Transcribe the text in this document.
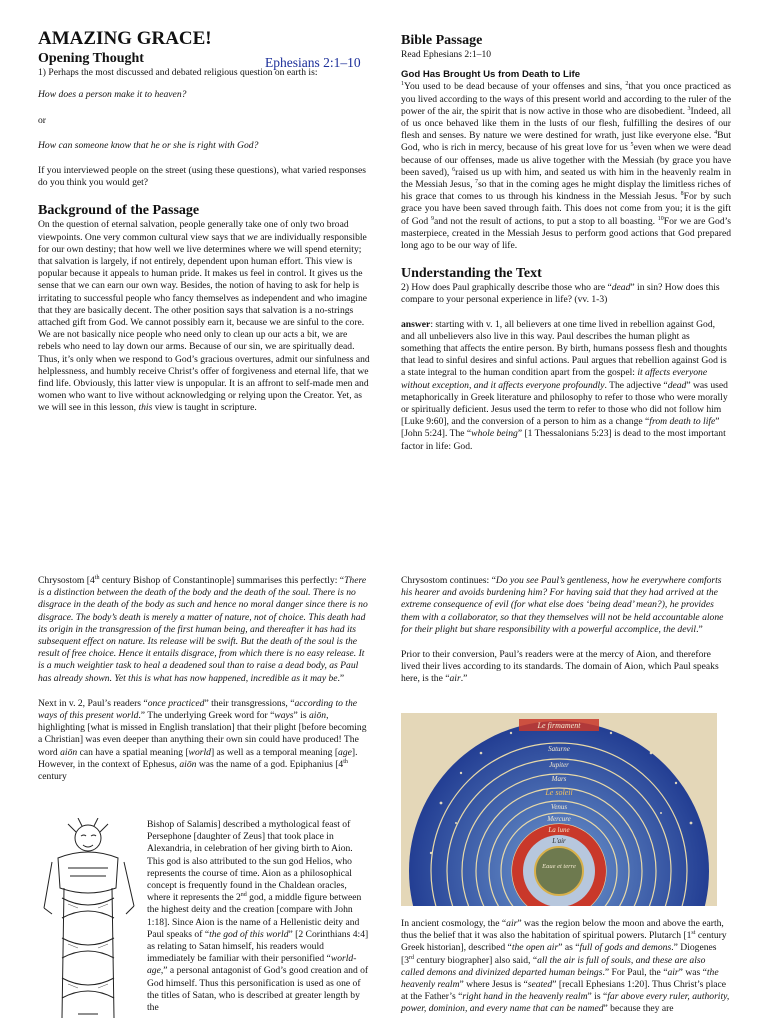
AMAZING GRACE!
Opening Thought

1) Perhaps the most discussed and debated religious question on earth is:

How does a person make it to heaven?

or

How can someone know that he or she is right with God?

If you interviewed people on the street (using these questions), what varied responses do you think you would get?

Background of the Passage

On the question of eternal salvation, people generally take one of only two broad viewpoints. One very common cultural view says that we are individually responsible for our own destiny; that how well we live determines where we will spend eternity; that salvation is largely, if not entirely, dependent upon human effort. This view is popular because it appeals to human pride. It makes us feel in control. It gives us the sense that we can earn our own way. Besides, the notion of having to ask for help is irritating to successful people who fancy themselves as independent and who imagine that they are basically decent. The other position says that salvation is a no-strings attached gift from God. We cannot possibly earn it, because we are sinful to the core. We are not basically nice people who need only to clean up our acts a bit, we are rebels who need to lay down our arms. Because of our sin, we are spiritually dead. Thus, it’s only when we respond to God’s gracious overtures, admit our sinfulness and helplessness, and humbly receive Christ’s offer of forgiveness and eternal life, that we find life. Obviously, this latter view is unpopular. It is an affront to self-made men and women who want to live without acknowledging or relying upon the Creator. Yet, as we will see in this lesson, this view is taught in scripture.

Ephesians 2:1–10
Bible Passage

Read Ephesians 2:1–10

God Has Brought Us from Death to Life

$^1$You used to be dead because of your offenses and sins, $^2$that you once practiced as you lived according to the ways of this present world and according to the ruler of the power of the air, the spirit that is now active in those who are disobedient. $^3$Indeed, all of us once behaved like them in the lusts of our flesh, fulfilling the desires of our flesh and senses. By nature we were destined for wrath, just like everyone else. $^4$But God, who is rich in mercy, because of his great love for us $^5$even when we were dead because of our offenses, made us alive together with the Messiah (by grace you have been saved), $^6$raised us up with him, and seated us with him in the heavenly realm in the Messiah Jesus, $^7$so that in the coming ages he might display the limitless riches of his grace that comes to us through his kindness in the Messiah Jesus. $^8$For by such grace you have been saved through faith. This does not come from you; it is the gift of God $^9$and not the result of actions, to put a stop to all boasting. $^{10}$For we are God’s masterpiece, created in the Messiah Jesus to perform good actions that God prepared long ago to be our way of life.

Understanding the Text

2) How does Paul graphically describe those who are “dead” in sin? How does this compare to your personal experience in life? (vv. 1-3)

answer: starting with v. 1, all believers at one time lived in rebellion against God, and all unbelievers also live in this way. Paul describes the human plight as something that affects the entire person. By birth, humans possess flesh and thoughts that lead to sinful desires and sinful actions. Paul argues that rebellion against God is a state integral to the human condition apart from the gospel: it affects everyone without exception, and it affects everyone profoundly. The adjective “dead” was used metaphorically in Greek literature and philosophy to refer to those who were morally or spiritually deficient. Jesus used the term to refer to those who did not follow him [Luke 9:60], and the conversion of a person to him as a change “from death to life” [John 5:24]. The “whole being” [1 Thessalonians 5:23] is dead to the most important factor in life: God.

Chrysostom [4th century Bishop of Constantinople] summarises this perfectly: “There is a distinction between the death of the body and the death of the soul. There is no disgrace in the death of the body as such and hence no moral danger since there is no disgrace. The body’s death is merely a matter of nature, not of choice. This death had its origin in the transgression of the first human being, and thereafter it has had its subsequent effect on nature. Its release will be swift. But the death of the soul is the result of free choice. Hence it entails disgrace, from which there is no easy release. It is a much weightier task to heal a deadened soul than to raise a dead body, as Paul has already shown. Yet this is what has now happened, incredible as it may be.”

Next in v. 2, Paul’s readers “once practiced” their transgressions, “according to the ways of this present world.” The underlying Greek word for “ways” is aiōn, highlighting [what is missed in English translation] that their plight [before becoming a Christian] was even deeper than anything their own sin could have produced! The word aiōn can have a spatial meaning [world] as well as a temporal meaning [age]. However, in the context of Ephesus, aiōn was the name of a god. Epiphanius [4th century

Bishop of Salamis] described a mythological feast of Persephone [daughter of Zeus] that took place in Alexandria, in celebration of her giving birth to Aion. This god is also attributed to the sun god Helios, who represents the course of time. Aion as a philosophical concept is frequently found in the Chaldean oracles, where it represents the 2nd god, a middle figure between the highest deity and the creation [compare with John 1:18]. Since Aion is the name of a Hellenistic deity and Paul speaks of “the god of this world” [2 Corinthians 4:4] as relating to Satan himself, his readers would immediately be familiar with their personified “world-age,” a personal antagonist of God’s good creation and of God himself. Thus this personification is used as one of the titles of Satan, who is described at greater length by the

Chrysostom continues: “Do you see Paul’s gentleness, how he everywhere comforts his hearer and avoids burdening him? For having said that they had arrived at the extreme consequence of evil (for what else does ‘being dead’ mean?), he provides them with a collaborator, so that they themselves will not be held accountable alone for their plight but share responsibility with a powerful accomplice, the devil.”

Prior to their conversion, Paul’s readers were at the mercy of Aion, and therefore lived their lives according to its standards. The domain of Aion, which Paul speaks here, is the “air.”

Le firmament
Saturne
Jupiter
Mars
Le soleil
Venus
Mercure
La lune
L'air
Eaue et terre

In ancient cosmology, the “air” was the region below the moon and above the earth, thus the belief that it was also the habitation of spiritual powers. Plutarch [1st century Greek historian], described “the open air” as “full of gods and demons.” Diogenes [3rd century biographer] also said, “all the air is full of souls, and these are also called demons and divinized departed human beings.” For Paul, the “air” was “the heavenly realm” where Jesus is “seated” [recall Ephesians 1:20]. Thus Christ’s place at the Father’s “right hand in the heavenly realm” is “far above every ruler, authority, power, dominion, and every name that can be named” because they are
